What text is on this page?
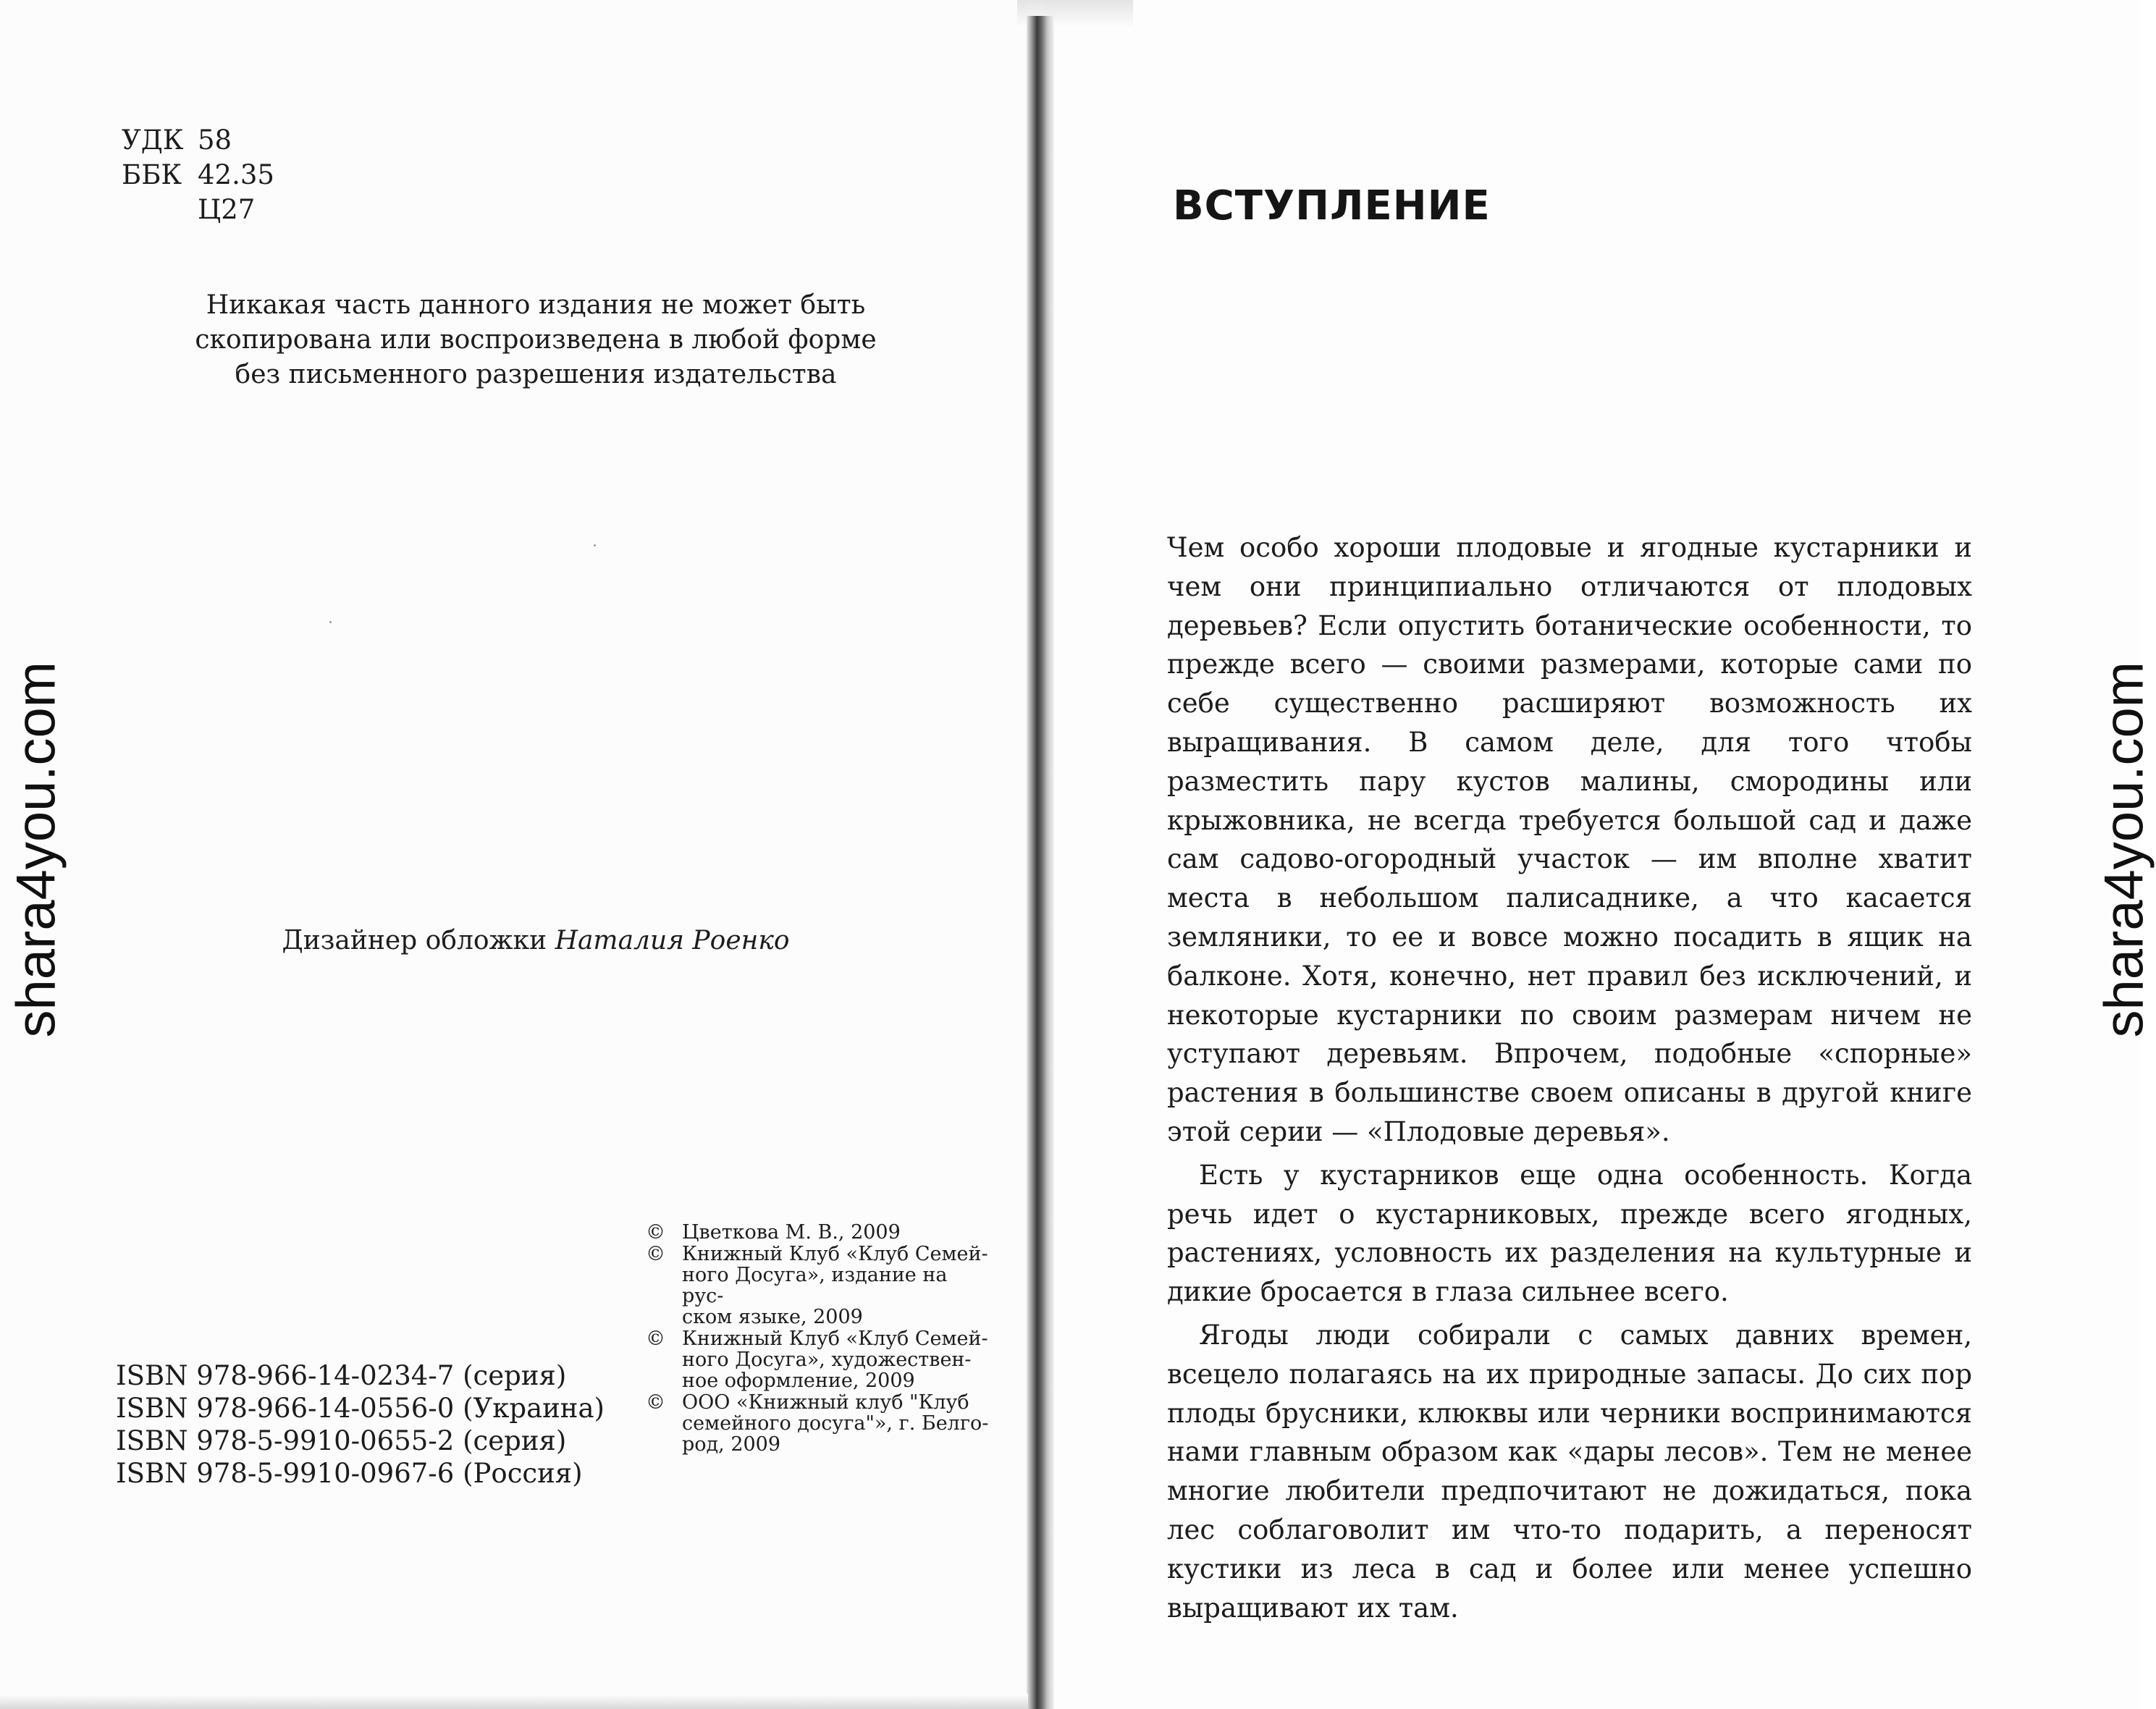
УДК 58
ББК 42.35
Ц27
Никакая часть данного издания не может быть
скопирована или воспроизведена в любой форме
без письменного разрешения издательства
Дизайнер обложки Наталия Роенко
ISBN 978-966-14-0234-7 (серия)
ISBN 978-966-14-0556-0 (Украина)
ISBN 978-5-9910-0655-2 (серия)
ISBN 978-5-9910-0967-6 (Россия)
© Цветкова М. В., 2009
© Книжный Клуб «Клуб Семей-
ного Досуга», издание на рус-
ском языке, 2009
© Книжный Клуб «Клуб Семей-
ного Досуга», художествен-
ное оформление, 2009
© ООО «Книжный клуб "Клуб
семейного досуга"», г. Белго-
род, 2009
ВСТУПЛЕНИЕ

Чем особо хороши плодовые и ягодные кустарники и чем они принципиально отличаются от плодовых деревьев? Если опустить ботанические особенности, то прежде всего — своими размерами, которые сами по себе существенно расширяют возможность их выращивания. В самом деле, для того чтобы разместить пару кустов малины, смородины или крыжовника, не всегда требуется большой сад и даже сам садово-огородный участок — им вполне хватит места в небольшом палисаднике, а что касается земляники, то ее и вовсе можно посадить в ящик на балконе. Хотя, конечно, нет правил без исключений, и некоторые кустарники по своим размерам ничем не уступают деревьям. Впрочем, подобные «спорные» растения в большинстве своем описаны в другой книге этой серии — «Плодовые деревья».

Есть у кустарников еще одна особенность. Когда речь идет о кустарниковых, прежде всего ягодных, растениях, условность их разделения на культурные и дикие бросается в глаза сильнее всего.

Ягоды люди собирали с самых давних времен, всецело полагаясь на их природные запасы. До сих пор плоды брусники, клюквы или черники воспринимаются нами главным образом как «дары лесов». Тем не менее многие любители предпочитают не дожидаться, пока лес соблаговолит им что-то подарить, а переносят кустики из леса в сад и более или менее успешно выращивают их там.

shara4you.com	shara4you.com
